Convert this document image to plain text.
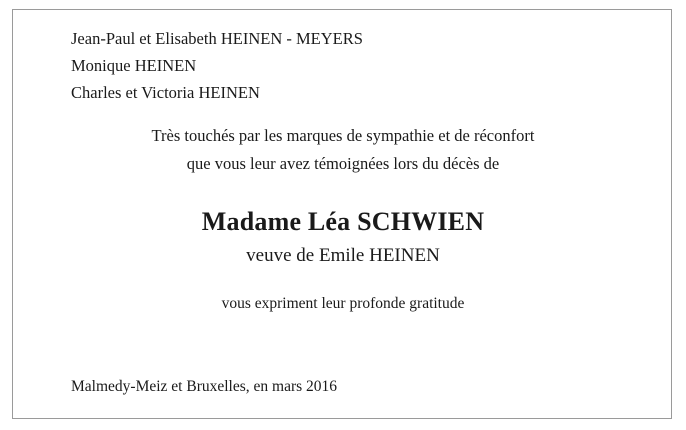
Jean-Paul et Elisabeth HEINEN - MEYERS
Monique HEINEN
Charles et Victoria HEINEN
Très touchés par les marques de sympathie et de réconfort
que vous leur avez témoignées lors du décès de
Madame Léa SCHWIEN
veuve de Emile HEINEN
vous expriment leur profonde gratitude
Malmedy-Meiz et Bruxelles, en mars 2016
